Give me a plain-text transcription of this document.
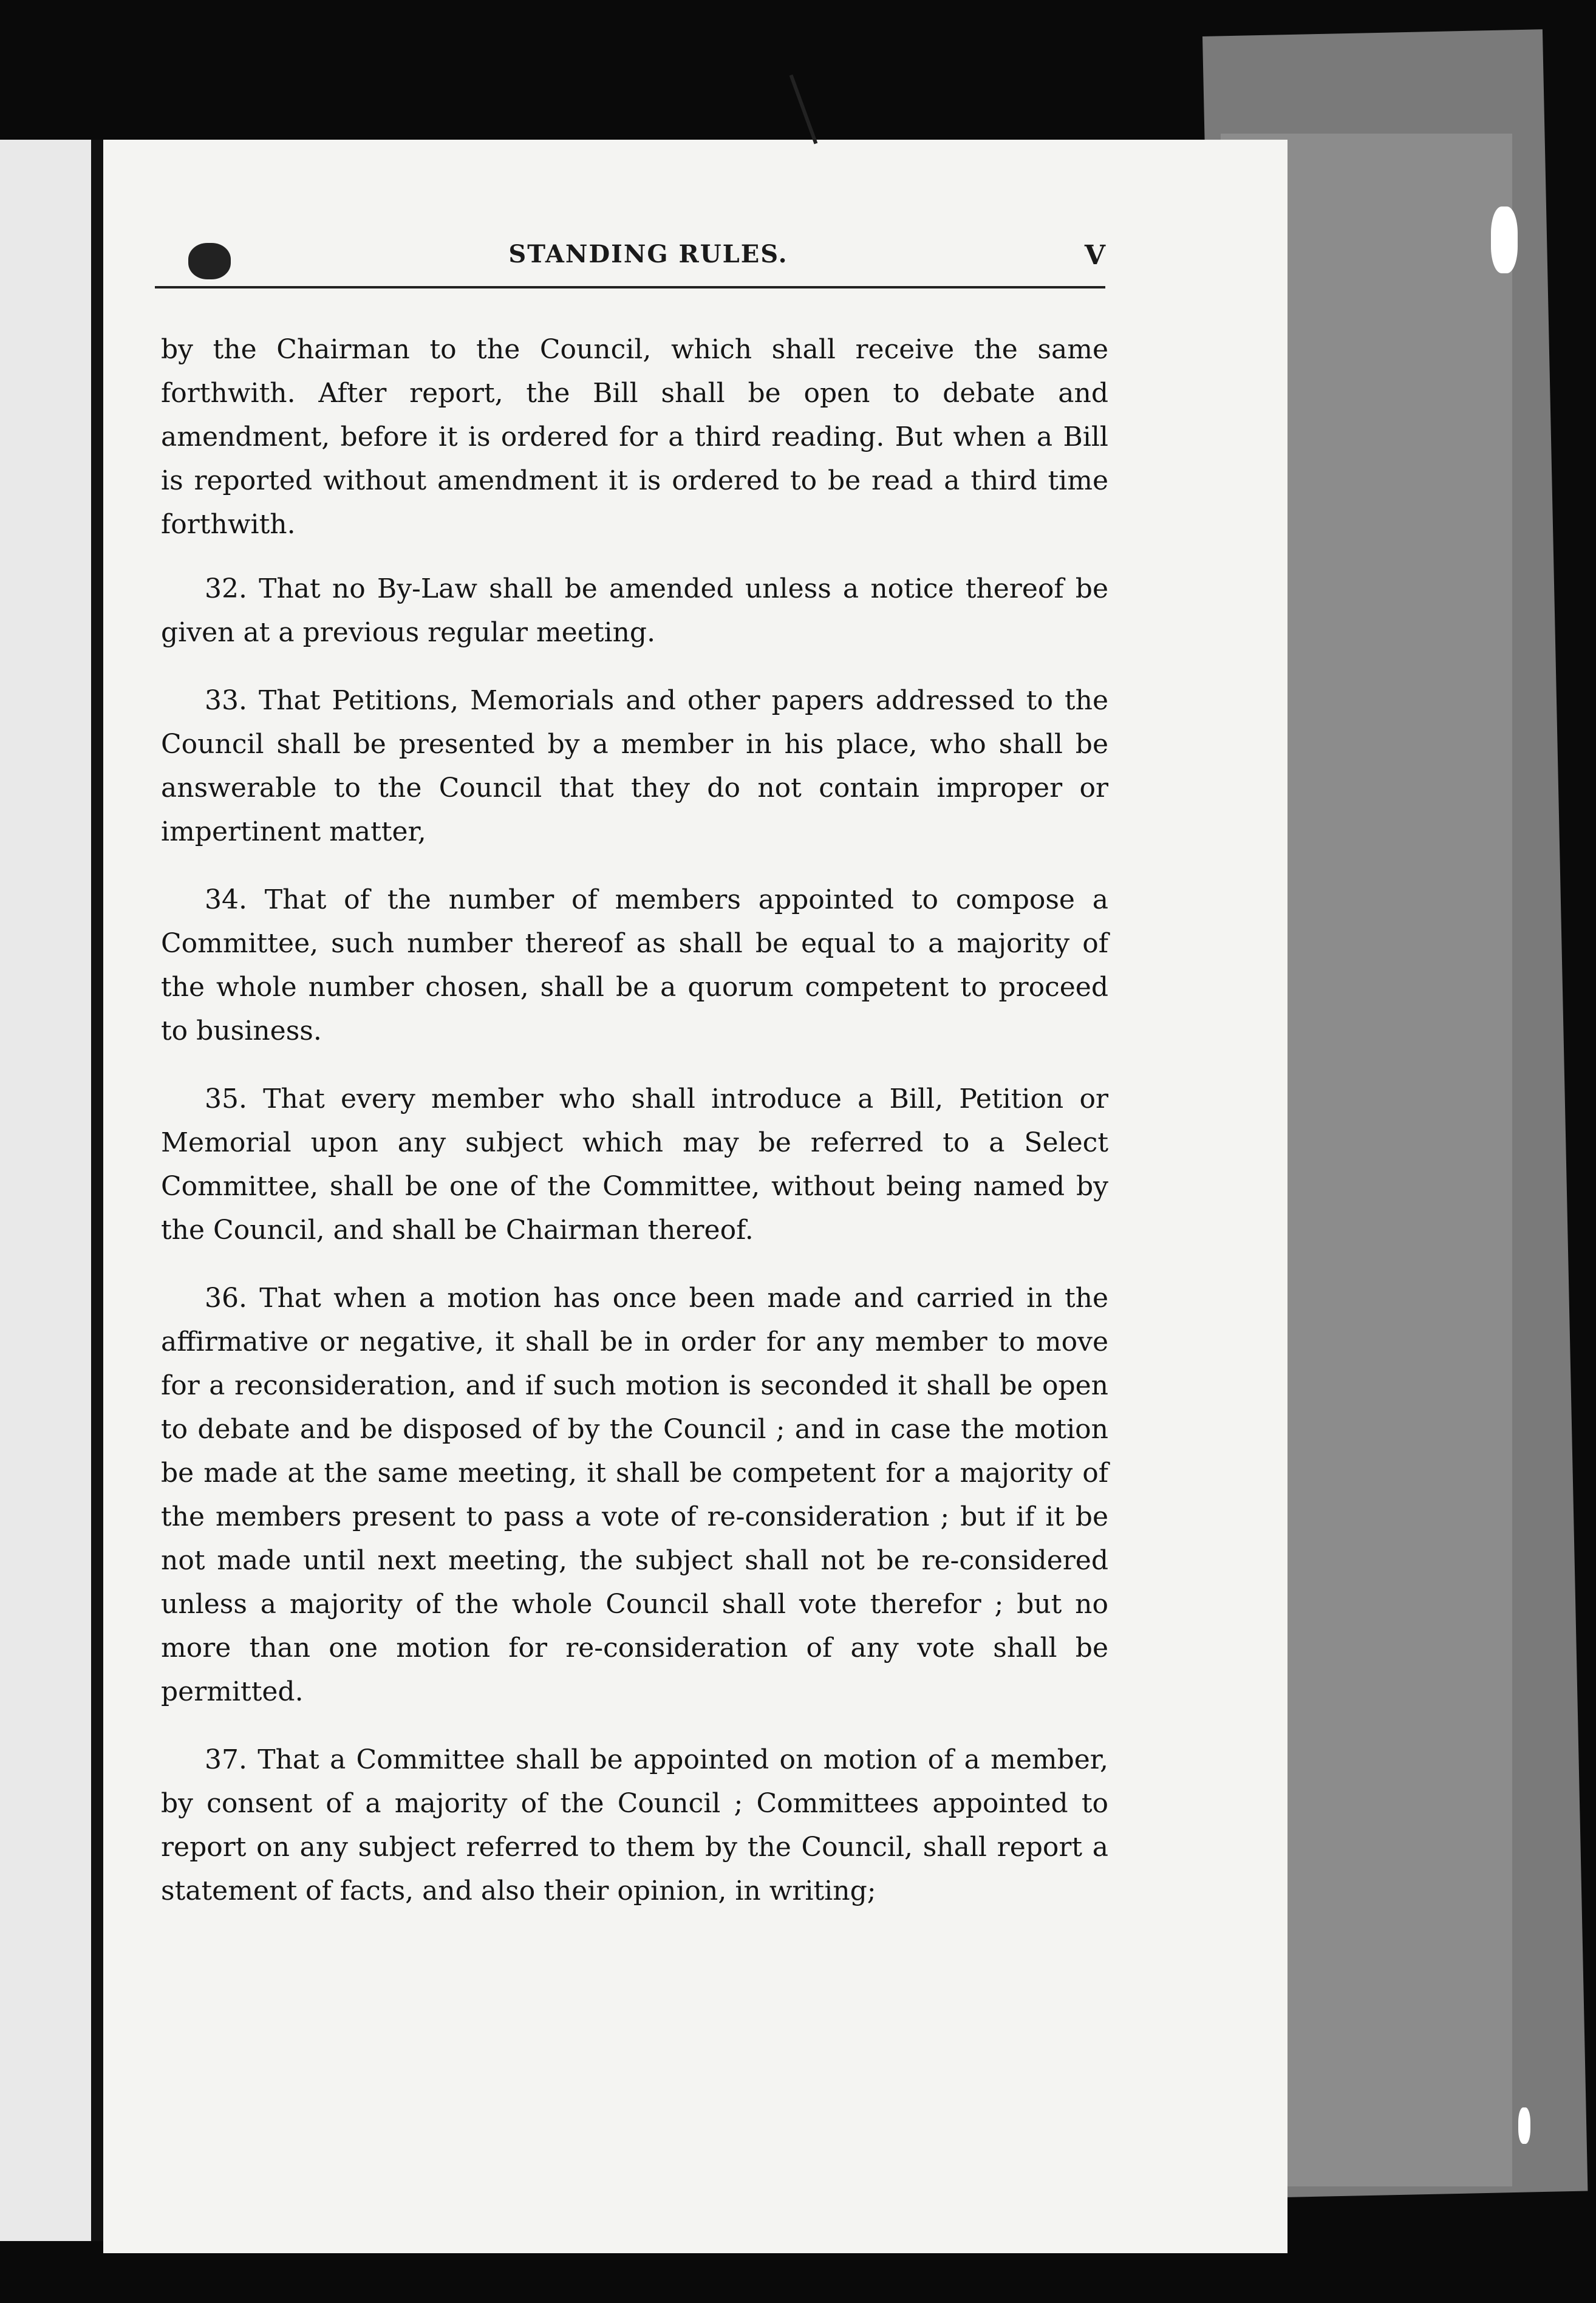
STANDING RULES.	V

by the Chairman to the Council, which shall receive the same forthwith. After report, the Bill shall be open to debate and amendment, before it is ordered for a third reading. But when a Bill is reported without amendment it is ordered to be read a third time forthwith.

32. That no By-Law shall be amended unless a notice thereof be given at a previous regular meeting.

33. That Petitions, Memorials and other papers addressed to the Council shall be presented by a member in his place, who shall be answerable to the Council that they do not contain improper or impertinent matter,

34. That of the number of members appointed to compose a Committee, such number thereof as shall be equal to a majority of the whole number chosen, shall be a quorum competent to proceed to business.

35. That every member who shall introduce a Bill, Petition or Memorial upon any subject which may be referred to a Select Committee, shall be one of the Committee, without being named by the Council, and shall be Chairman thereof.

36. That when a motion has once been made and carried in the affirmative or negative, it shall be in order for any member to move for a reconsideration, and if such motion is seconded it shall be open to debate and be disposed of by the Council ; and in case the motion be made at the same meeting, it shall be competent for a majority of the members present to pass a vote of re-consideration ; but if it be not made until next meeting, the subject shall not be re-considered unless a majority of the whole Council shall vote therefor ; but no more than one motion for re-consideration of any vote shall be permitted.

37. That a Committee shall be appointed on motion of a member, by consent of a majority of the Council ; Committees appointed to report on any subject referred to them by the Council, shall report a statement of facts, and also their opinion, in writing;
